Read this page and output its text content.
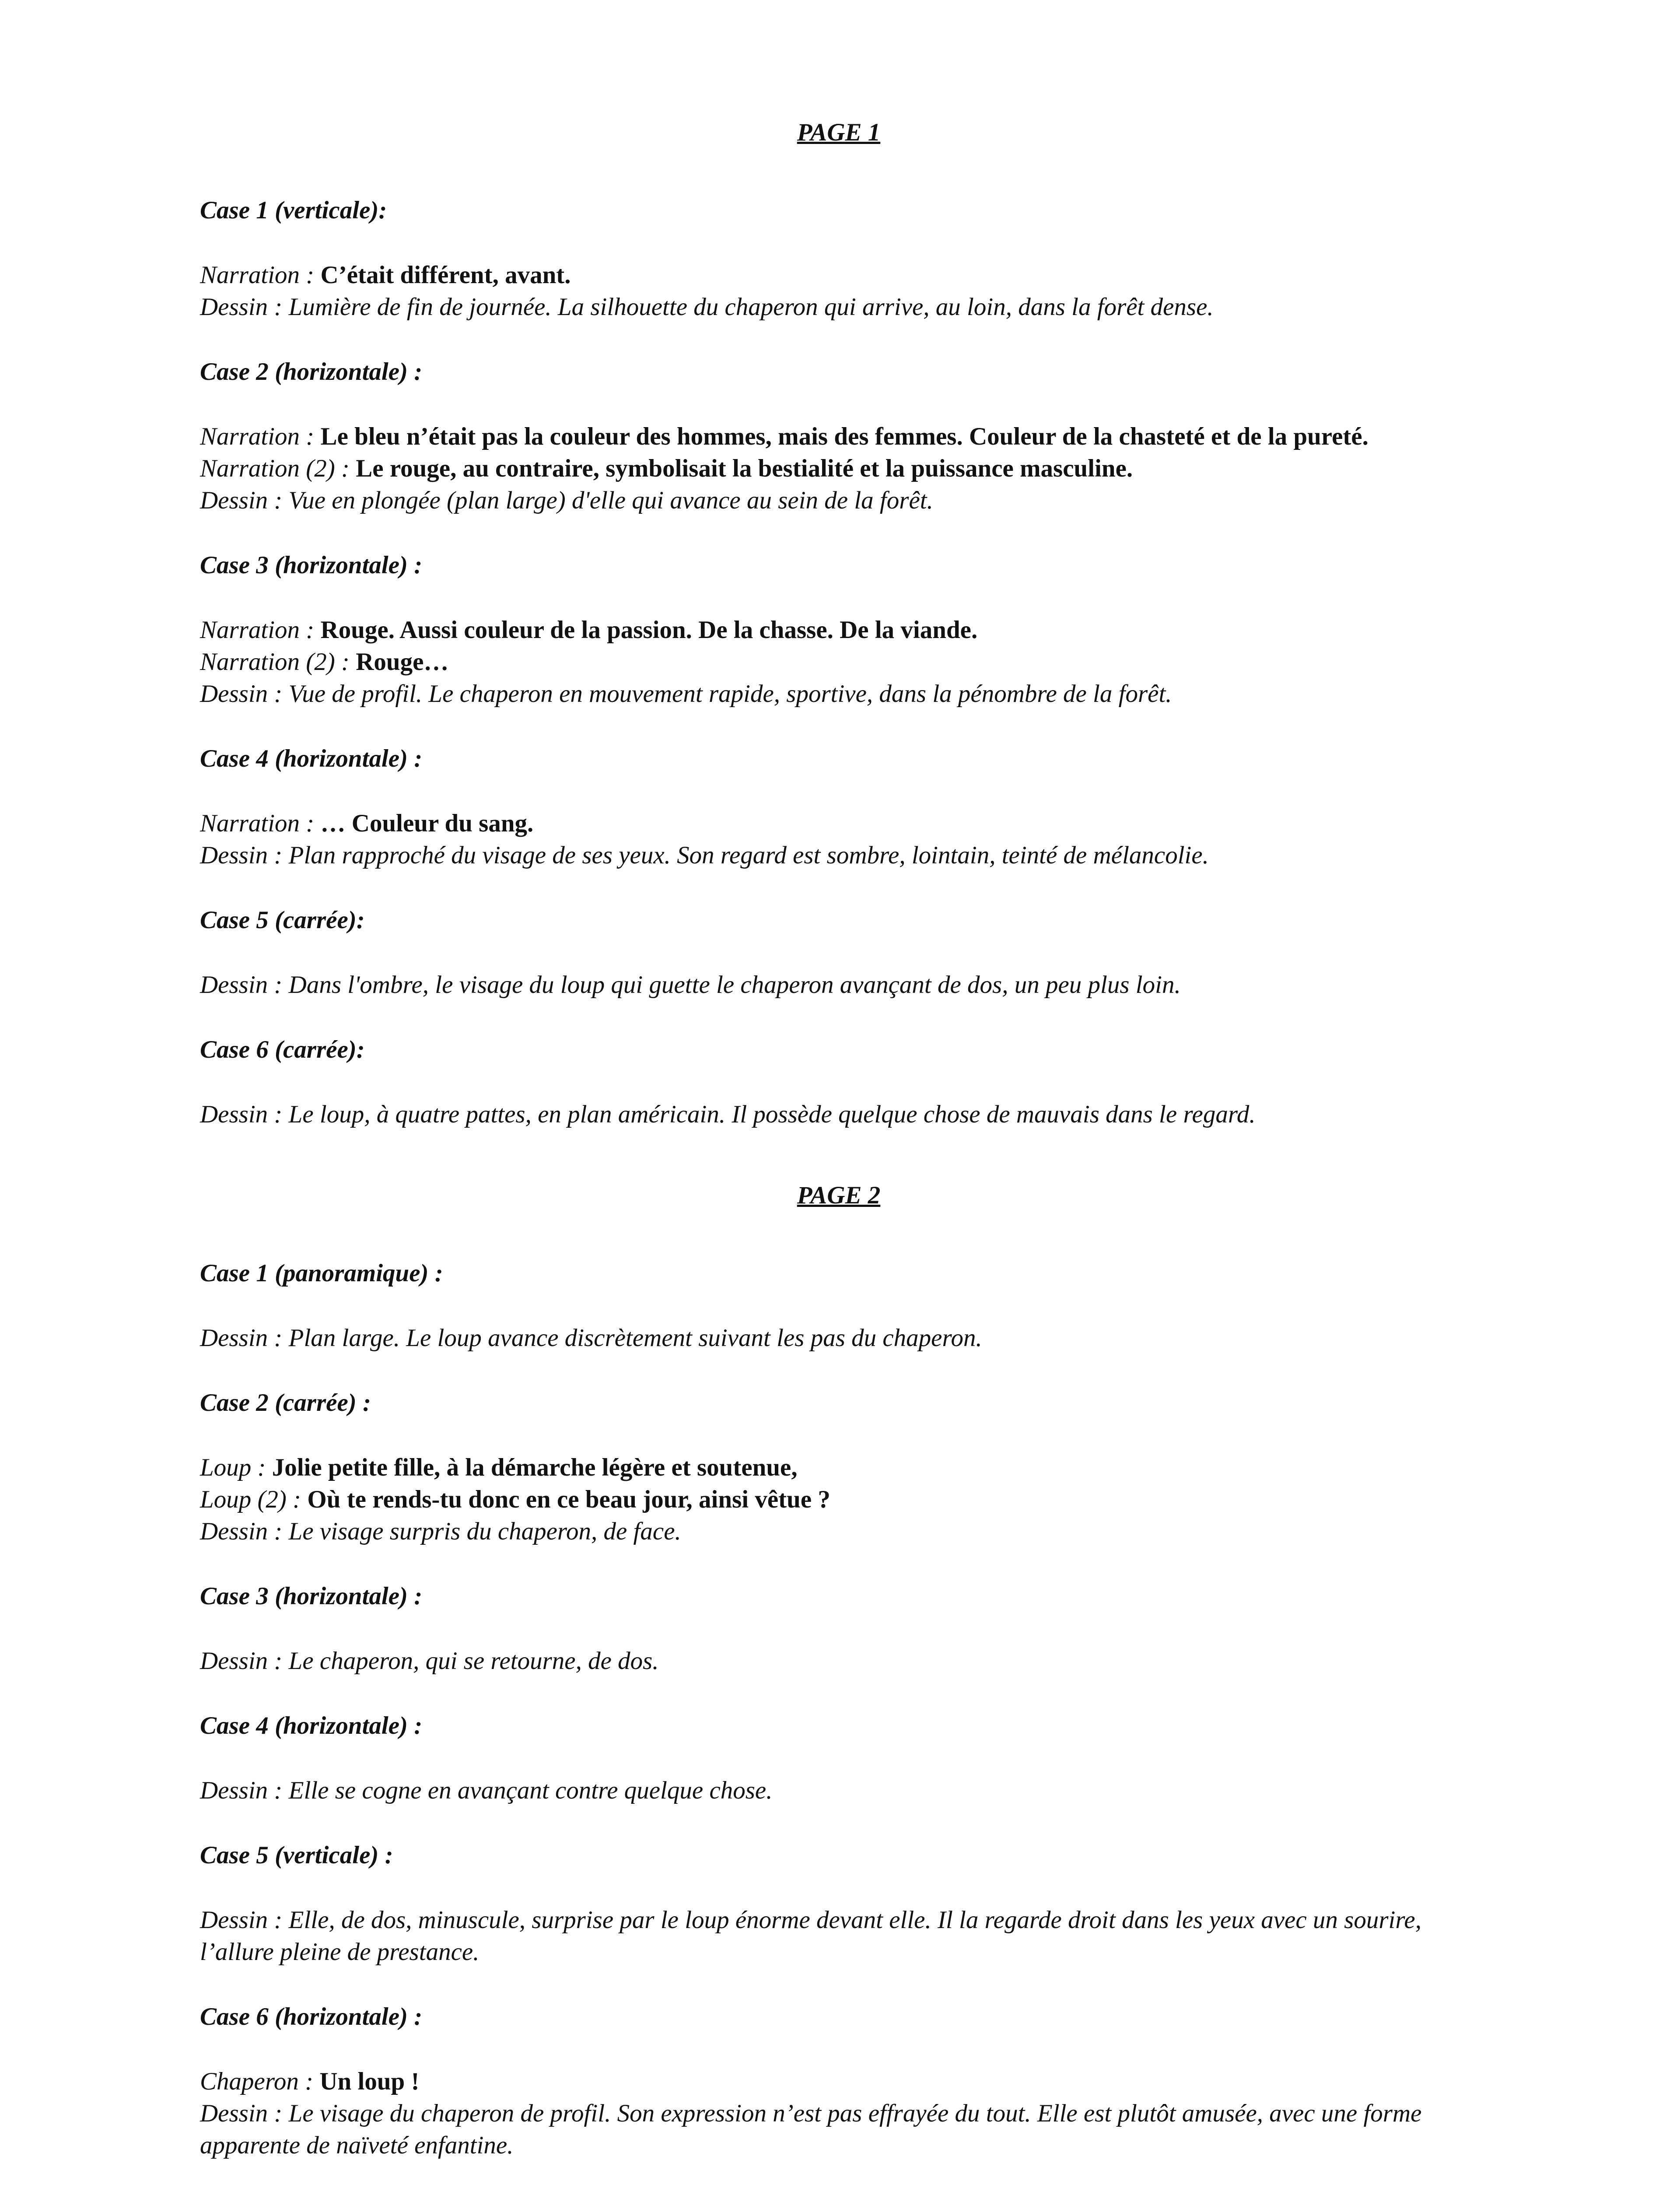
PAGE 1
Case 1 (verticale):
Narration : C’était différent, avant.
Dessin : Lumière de fin de journée. La silhouette du chaperon qui arrive, au loin, dans la forêt dense.
Case 2 (horizontale) :
Narration : Le bleu n’était pas la couleur des hommes, mais des femmes. Couleur de la chasteté et de la pureté.
Narration (2) : Le rouge, au contraire, symbolisait la bestialité et la puissance masculine.
Dessin : Vue en plongée (plan large) d'elle qui avance au sein de la forêt.
Case 3 (horizontale) :
Narration : Rouge. Aussi couleur de la passion. De la chasse. De la viande.
Narration (2) : Rouge…
Dessin : Vue de profil. Le chaperon en mouvement rapide, sportive, dans la pénombre de la forêt.
Case 4 (horizontale) :
Narration : … Couleur du sang.
Dessin : Plan rapproché du visage de ses yeux. Son regard est sombre, lointain, teinté de mélancolie.
Case 5 (carrée):
Dessin : Dans l'ombre, le visage du loup qui guette le chaperon avançant de dos, un peu plus loin.
Case 6 (carrée):
Dessin : Le loup, à quatre pattes, en plan américain. Il possède quelque chose de mauvais dans le regard.
PAGE 2
Case 1 (panoramique) :
Dessin : Plan large. Le loup avance discrètement suivant les pas du chaperon.
Case 2 (carrée) :
Loup : Jolie petite fille, à la démarche légère et soutenue,
Loup (2) : Où te rends-tu donc en ce beau jour, ainsi vêtue ?
Dessin : Le visage surpris du chaperon, de face.
Case 3 (horizontale) :
Dessin : Le chaperon, qui se retourne, de dos.
Case 4 (horizontale) :
Dessin : Elle se cogne en avançant contre quelque chose.
Case 5 (verticale) :
Dessin : Elle, de dos, minuscule, surprise par le loup énorme devant elle. Il la regarde droit dans les yeux avec un sourire, l’allure pleine de prestance.
Case 6 (horizontale) :
Chaperon : Un loup !
Dessin : Le visage du chaperon de profil. Son expression n’est pas effrayée du tout. Elle est plutôt amusée, avec une forme apparente de naïveté enfantine.
